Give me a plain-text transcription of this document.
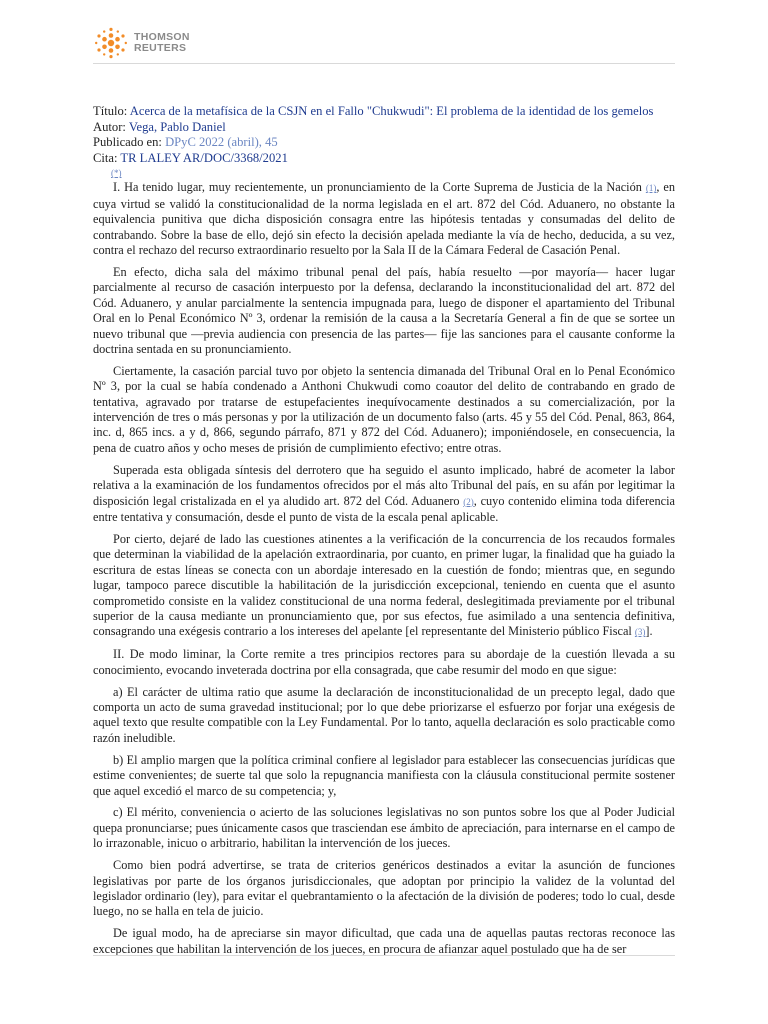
THOMSON
REUTERS
Título: Acerca de la metafísica de la CSJN en el Fallo "Chukwudi": El problema de la identidad de los gemelos
Autor: Vega, Pablo Daniel
Publicado en: DPyC 2022 (abril), 45
Cita: TR LALEY AR/DOC/3368/2021
(*)

I. Ha tenido lugar, muy recientemente, un pronunciamiento de la Corte Suprema de Justicia de la Nación (1), en cuya virtud se validó la constitucionalidad de la norma legislada en el art. 872 del Cód. Aduanero, no obstante la equivalencia punitiva que dicha disposición consagra entre las hipótesis tentadas y consumadas del delito de contrabando. Sobre la base de ello, dejó sin efecto la decisión apelada mediante la vía de hecho, deducida, a su vez, contra el rechazo del recurso extraordinario resuelto por la Sala II de la Cámara Federal de Casación Penal.

En efecto, dicha sala del máximo tribunal penal del país, había resuelto —por mayoría— hacer lugar parcialmente al recurso de casación interpuesto por la defensa, declarando la inconstitucionalidad del art. 872 del Cód. Aduanero, y anular parcialmente la sentencia impugnada para, luego de disponer el apartamiento del Tribunal Oral en lo Penal Económico Nº 3, ordenar la remisión de la causa a la Secretaría General a fin de que se sortee un nuevo tribunal que —previa audiencia con presencia de las partes— fije las sanciones para el causante conforme la doctrina sentada en su pronunciamiento.

Ciertamente, la casación parcial tuvo por objeto la sentencia dimanada del Tribunal Oral en lo Penal Económico Nº 3, por la cual se había condenado a Anthoni Chukwudi como coautor del delito de contrabando en grado de tentativa, agravado por tratarse de estupefacientes inequívocamente destinados a su comercialización, por la intervención de tres o más personas y por la utilización de un documento falso (arts. 45 y 55 del Cód. Penal, 863, 864, inc. d, 865 incs. a y d, 866, segundo párrafo, 871 y 872 del Cód. Aduanero); imponiéndosele, en consecuencia, la pena de cuatro años y ocho meses de prisión de cumplimiento efectivo; entre otras.

Superada esta obligada síntesis del derrotero que ha seguido el asunto implicado, habré de acometer la labor relativa a la examinación de los fundamentos ofrecidos por el más alto Tribunal del país, en su afán por legitimar la disposición legal cristalizada en el ya aludido art. 872 del Cód. Aduanero (2), cuyo contenido elimina toda diferencia entre tentativa y consumación, desde el punto de vista de la escala penal aplicable.

Por cierto, dejaré de lado las cuestiones atinentes a la verificación de la concurrencia de los recaudos formales que determinan la viabilidad de la apelación extraordinaria, por cuanto, en primer lugar, la finalidad que ha guiado la escritura de estas líneas se conecta con un abordaje interesado en la cuestión de fondo; mientras que, en segundo lugar, tampoco parece discutible la habilitación de la jurisdicción excepcional, teniendo en cuenta que el asunto comprometido consiste en la validez constitucional de una norma federal, deslegitimada previamente por el tribunal superior de la causa mediante un pronunciamiento que, por sus efectos, fue asimilado a una sentencia definitiva, consagrando una exégesis contrario a los intereses del apelante [el representante del Ministerio público Fiscal (3)].

II. De modo liminar, la Corte remite a tres principios rectores para su abordaje de la cuestión llevada a su conocimiento, evocando inveterada doctrina por ella consagrada, que cabe resumir del modo en que sigue:

a) El carácter de ultima ratio que asume la declaración de inconstitucionalidad de un precepto legal, dado que comporta un acto de suma gravedad institucional; por lo que debe priorizarse el esfuerzo por forjar una exégesis de aquel texto que resulte compatible con la Ley Fundamental. Por lo tanto, aquella declaración es solo practicable como razón ineludible.

b) El amplio margen que la política criminal confiere al legislador para establecer las consecuencias jurídicas que estime convenientes; de suerte tal que solo la repugnancia manifiesta con la cláusula constitucional permite sostener que aquel excedió el marco de su competencia; y,

c) El mérito, conveniencia o acierto de las soluciones legislativas no son puntos sobre los que al Poder Judicial quepa pronunciarse; pues únicamente casos que trasciendan ese ámbito de apreciación, para internarse en el campo de lo irrazonable, inicuo o arbitrario, habilitan la intervención de los jueces.

Como bien podrá advertirse, se trata de criterios genéricos destinados a evitar la asunción de funciones legislativas por parte de los órganos jurisdiccionales, que adoptan por principio la validez de la voluntad del legislador ordinario (ley), para evitar el quebrantamiento o la afectación de la división de poderes; todo lo cual, desde luego, no se halla en tela de juicio.

De igual modo, ha de apreciarse sin mayor dificultad, que cada una de aquellas pautas rectoras reconoce las excepciones que habilitan la intervención de los jueces, en procura de afianzar aquel postulado que ha de ser
